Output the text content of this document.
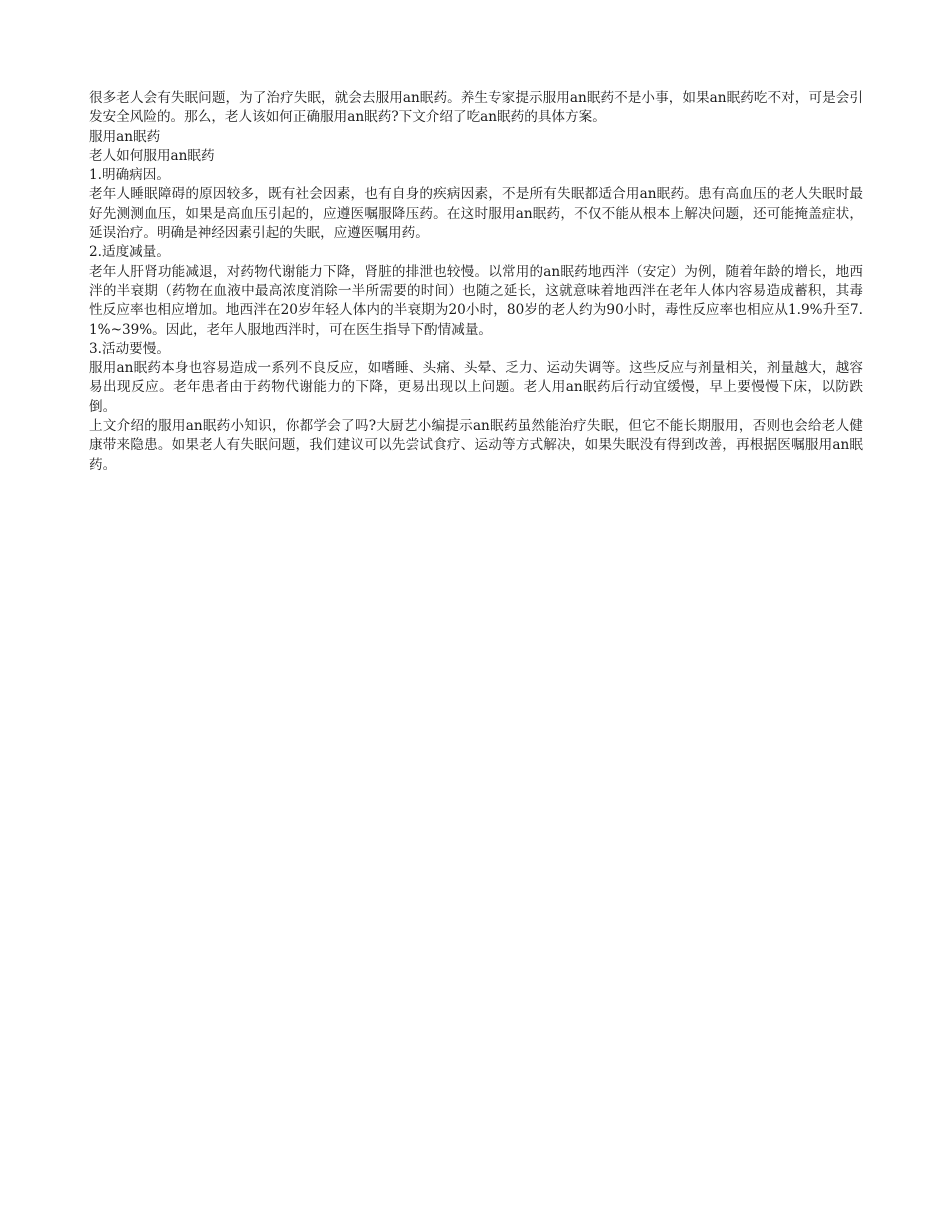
很多老人会有失眠问题，为了治疗失眠，就会去服用an眠药。养生专家提示服用an眠药不是小事，如果an眠药吃不对，可是会引发安全风险的。那么，老人该如何正确服用an眠药?下文介绍了吃an眠药的具体方案。

服用an眠药

老人如何服用an眠药

1.明确病因。

老年人睡眠障碍的原因较多，既有社会因素，也有自身的疾病因素，不是所有失眠都适合用an眠药。患有高血压的老人失眠时最好先测测血压，如果是高血压引起的，应遵医嘱服降压药。在这时服用an眠药，不仅不能从根本上解决问题，还可能掩盖症状，延误治疗。明确是神经因素引起的失眠，应遵医嘱用药。

2.适度减量。

老年人肝肾功能减退，对药物代谢能力下降，肾脏的排泄也较慢。以常用的an眠药地西泮（安定）为例，随着年龄的增长，地西泮的半衰期（药物在血液中最高浓度消除一半所需要的时间）也随之延长，这就意味着地西泮在老年人体内容易造成蓄积，其毒性反应率也相应增加。地西泮在20岁年轻人体内的半衰期为20小时，80岁的老人约为90小时，毒性反应率也相应从1.9%升至7.1%~39%。因此，老年人服地西泮时，可在医生指导下酌情减量。

3.活动要慢。

服用an眠药本身也容易造成一系列不良反应，如嗜睡、头痛、头晕、乏力、运动失调等。这些反应与剂量相关，剂量越大，越容易出现反应。老年患者由于药物代谢能力的下降，更易出现以上问题。老人用an眠药后行动宜缓慢，早上要慢慢下床，以防跌倒。

上文介绍的服用an眠药小知识，你都学会了吗?大厨艺小编提示an眠药虽然能治疗失眠，但它不能长期服用，否则也会给老人健康带来隐患。如果老人有失眠问题，我们建议可以先尝试食疗、运动等方式解决，如果失眠没有得到改善，再根据医嘱服用an眠药。
